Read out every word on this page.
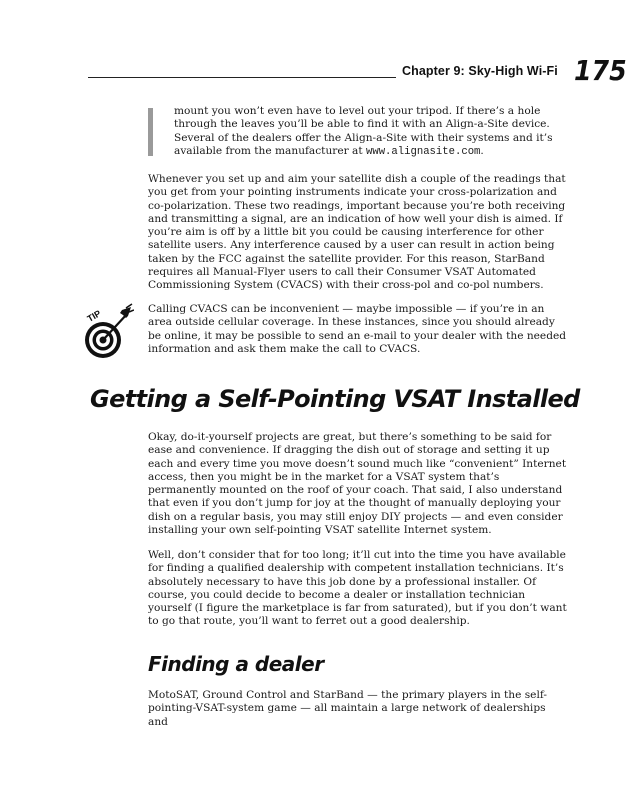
Chapter 9: Sky-High Wi-Fi 175

mount you won’t even have to level out your tripod. If there’s a hole through the leaves you’ll be able to find it with an Align-a-Site device. Several of the dealers offer the Align-a-Site with their systems and it’s available from the manufacturer at www.alignasite.com.

Whenever you set up and aim your satellite dish a couple of the readings that you get from your pointing instruments indicate your cross-polarization and co-polarization. These two readings, important because you’re both receiving and transmitting a signal, are an indication of how well your dish is aimed. If you’re aim is off by a little bit you could be causing interference for other satellite users. Any interference caused by a user can result in action being taken by the FCC against the satellite provider. For this reason, StarBand requires all Manual-Flyer users to call their Consumer VSAT Automated Commissioning System (CVACS) with their cross-pol and co-pol numbers.

TIP	Calling CVACS can be inconvenient — maybe impossible — if you’re in an area outside cellular coverage. In these instances, since you should already be online, it may be possible to send an e-mail to your dealer with the needed information and ask them make the call to CVACS.

Getting a Self-Pointing VSAT Installed

Okay, do-it-yourself projects are great, but there’s something to be said for ease and convenience. If dragging the dish out of storage and setting it up each and every time you move doesn’t sound much like “convenient” Internet access, then you might be in the market for a VSAT system that’s permanently mounted on the roof of your coach. That said, I also understand that even if you don’t jump for joy at the thought of manually deploying your dish on a regular basis, you may still enjoy DIY projects — and even consider installing your own self-pointing VSAT satellite Internet system.

Well, don’t consider that for too long; it’ll cut into the time you have available for finding a qualified dealership with competent installation technicians. It’s absolutely necessary to have this job done by a professional installer. Of course, you could decide to become a dealer or installation technician yourself (I figure the marketplace is far from saturated), but if you don’t want to go that route, you’ll want to ferret out a good dealership.

Finding a dealer

MotoSAT, Ground Control and StarBand — the primary players in the self-pointing-VSAT-system game — all maintain a large network of dealerships and
